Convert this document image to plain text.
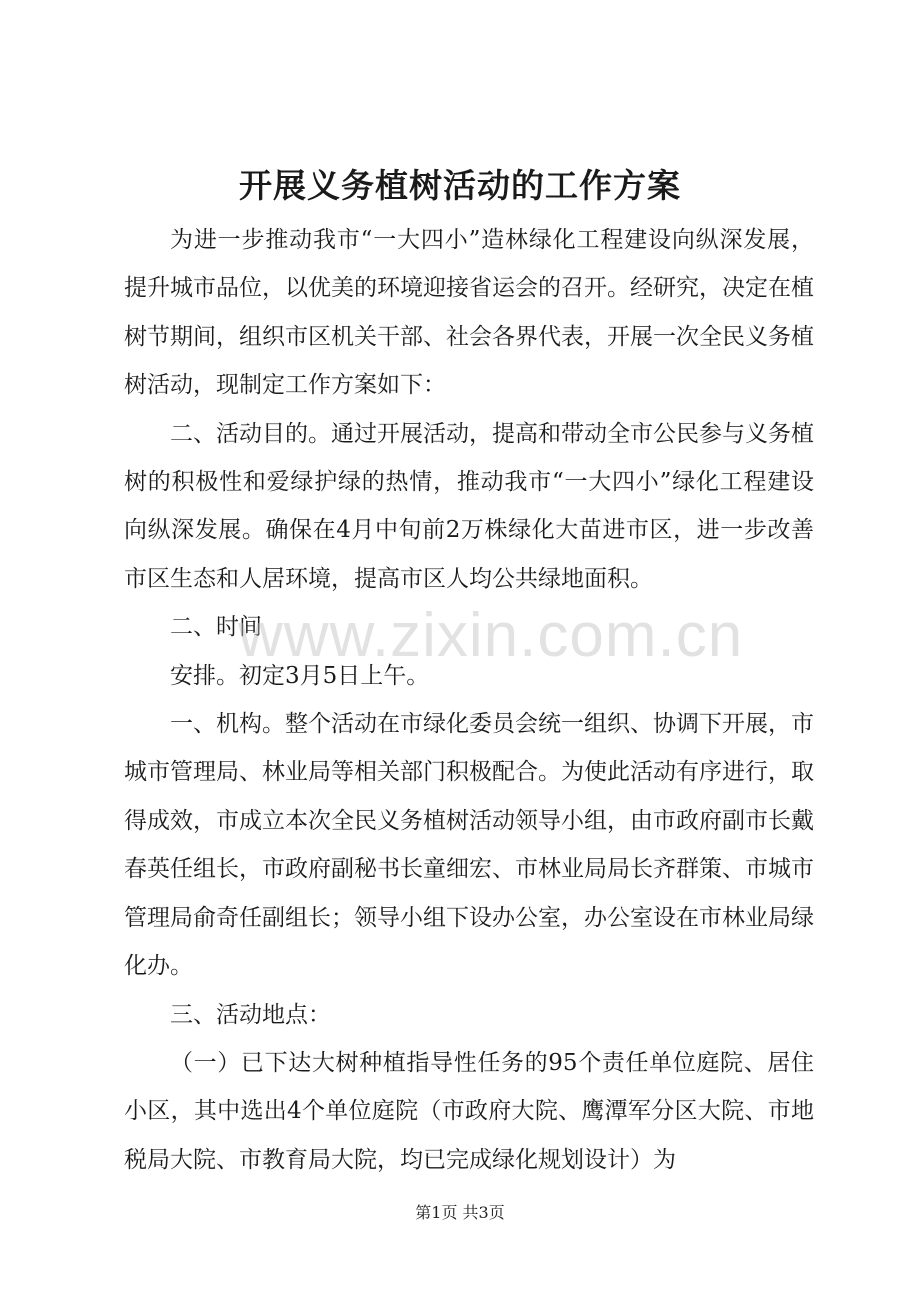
开展义务植树活动的工作方案

为进一步推动我市“一大四小”造林绿化工程建设向纵深发展，提升城市品位，以优美的环境迎接省运会的召开。经研究，决定在植树节期间，组织市区机关干部、社会各界代表，开展一次全民义务植树活动，现制定工作方案如下：

二、活动目的。通过开展活动，提高和带动全市公民参与义务植树的积极性和爱绿护绿的热情，推动我市“一大四小”绿化工程建设向纵深发展。确保在4月中旬前2万株绿化大苗进市区，进一步改善市区生态和人居环境，提高市区人均公共绿地面积。

二、时间

安排。初定3月5日上午。

一、机构。整个活动在市绿化委员会统一组织、协调下开展，市城市管理局、林业局等相关部门积极配合。为使此活动有序进行，取得成效，市成立本次全民义务植树活动领导小组，由市政府副市长戴春英任组长，市政府副秘书长童细宏、市林业局局长齐群策、市城市管理局俞奇任副组长；领导小组下设办公室，办公室设在市林业局绿化办。

三、活动地点：

（一）已下达大树种植指导性任务的95个责任单位庭院、居住小区，其中选出4个单位庭院（市政府大院、鹰潭军分区大院、市地税局大院、市教育局大院，均已完成绿化规划设计）为

www.zixin.com.cn
第1页 共3页
